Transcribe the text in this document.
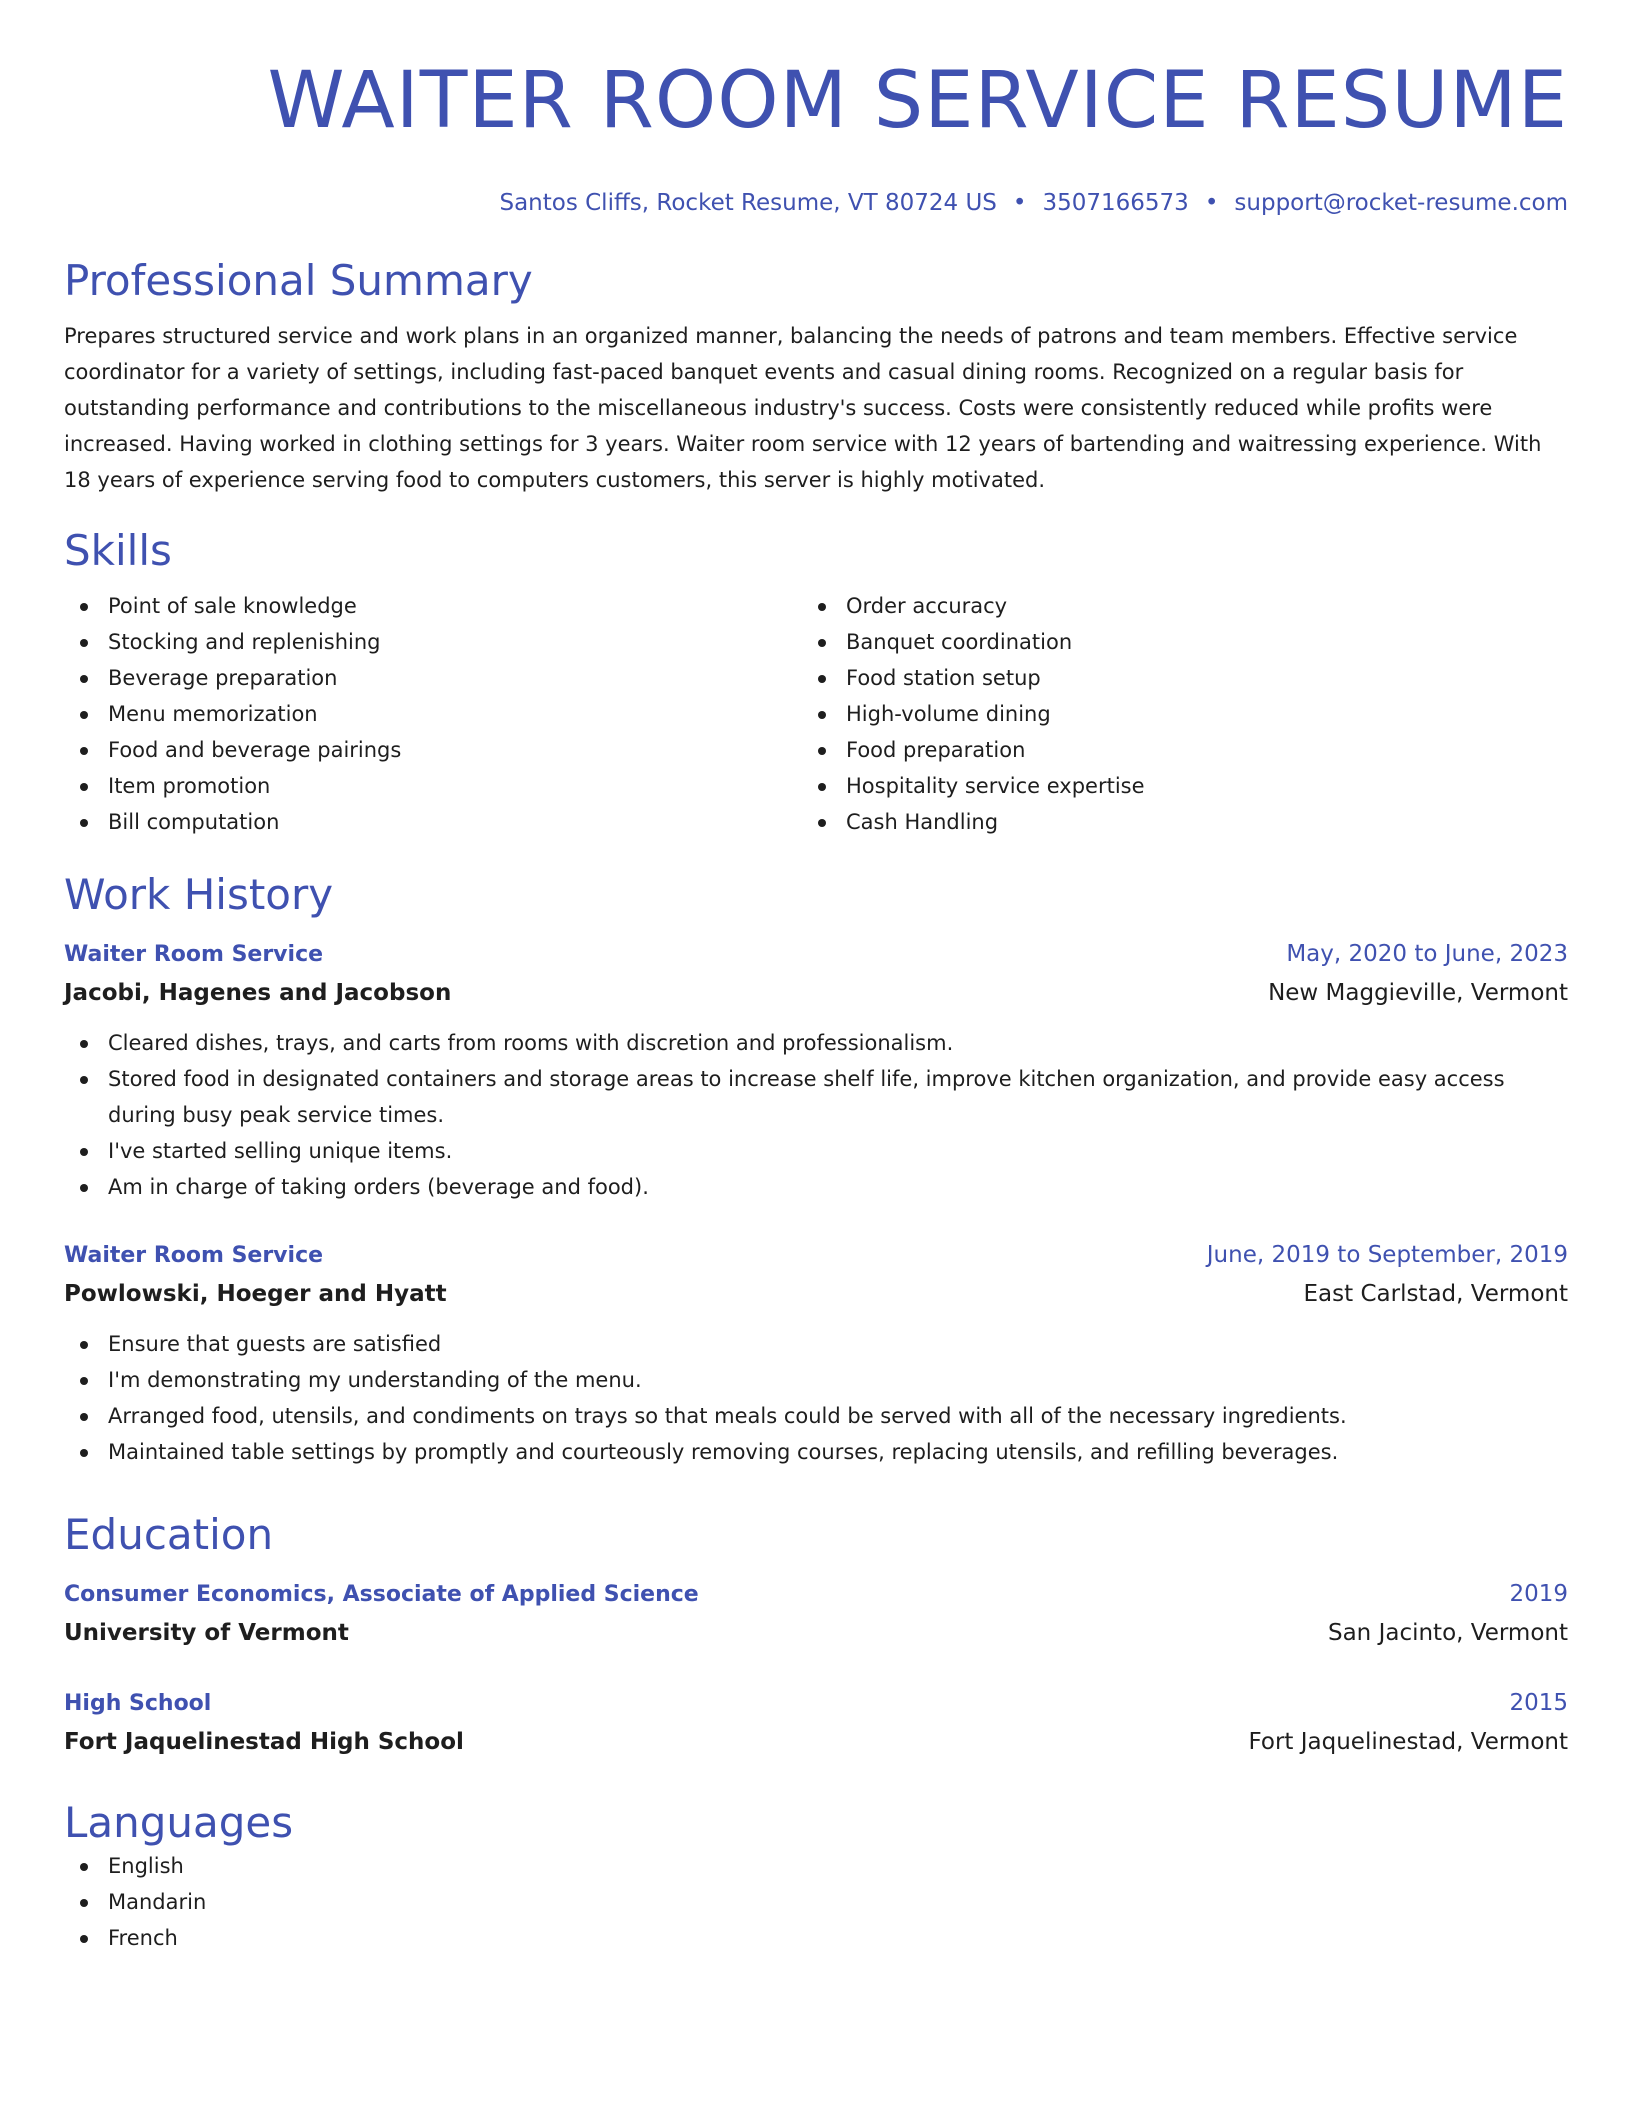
WAITER ROOM SERVICE RESUME
Santos Cliffs, Rocket Resume, VT 80724 US • 3507166573 • support@rocket-resume.com
Professional Summary

Prepares structured service and work plans in an organized manner, balancing the needs of patrons and team members. Effective service coordinator for a variety of settings, including fast-paced banquet events and casual dining rooms. Recognized on a regular basis for outstanding performance and contributions to the miscellaneous industry's success. Costs were consistently reduced while profits were increased. Having worked in clothing settings for 3 years. Waiter room service with 12 years of bartending and waitressing experience. With 18 years of experience serving food to computers customers, this server is highly motivated.

Skills
Point of sale knowledge
Stocking and replenishing
Beverage preparation
Menu memorization
Food and beverage pairings
Item promotion
Bill computation
Order accuracy
Banquet coordination
Food station setup
High-volume dining
Food preparation
Hospitality service expertise
Cash Handling
Work History
Waiter Room Service	May, 2020 to June, 2023
Jacobi, Hagenes and Jacobson	New Maggieville, Vermont
Cleared dishes, trays, and carts from rooms with discretion and professionalism.
Stored food in designated containers and storage areas to increase shelf life, improve kitchen organization, and provide easy access during busy peak service times.
I've started selling unique items.
Am in charge of taking orders (beverage and food).
Waiter Room Service	June, 2019 to September, 2019
Powlowski, Hoeger and Hyatt	East Carlstad, Vermont
Ensure that guests are satisfied
I'm demonstrating my understanding of the menu.
Arranged food, utensils, and condiments on trays so that meals could be served with all of the necessary ingredients.
Maintained table settings by promptly and courteously removing courses, replacing utensils, and refilling beverages.
Education
Consumer Economics, Associate of Applied Science	2019
University of Vermont	San Jacinto, Vermont
High School	2015
Fort Jaquelinestad High School	Fort Jaquelinestad, Vermont
Languages
English
Mandarin
French
